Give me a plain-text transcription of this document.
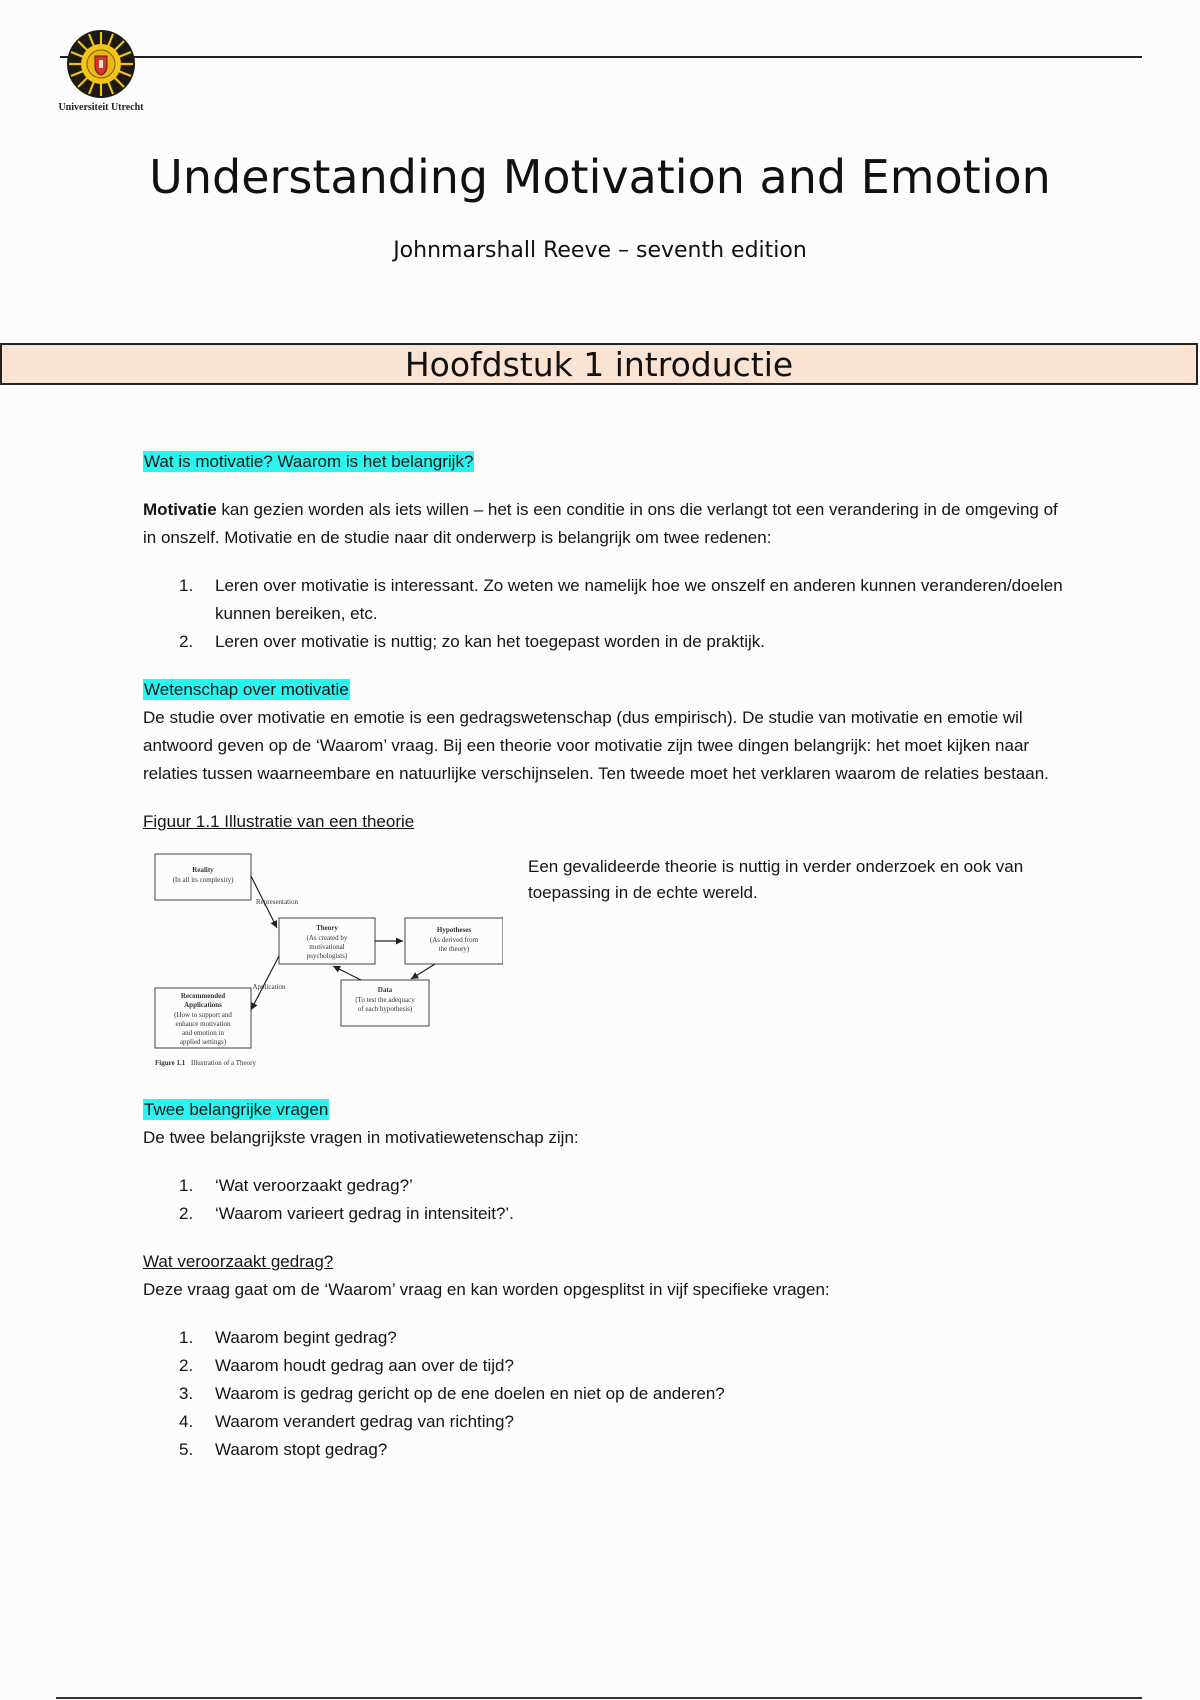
Universiteit Utrecht
Understanding Motivation and Emotion
Johnmarshall Reeve – seventh edition
Hoofdstuk 1 introductie

Wat is motivatie? Waarom is het belangrijk?

Motivatie kan gezien worden als iets willen – het is een conditie in ons die verlangt tot een verandering in de omgeving of in onszelf. Motivatie en de studie naar dit onderwerp is belangrijk om twee redenen:

1. Leren over motivatie is interessant. Zo weten we namelijk hoe we onszelf en anderen kunnen veranderen/doelen kunnen bereiken, etc.
2. Leren over motivatie is nuttig; zo kan het toegepast worden in de praktijk.

Wetenschap over motivatie

De studie over motivatie en emotie is een gedragswetenschap (dus empirisch). De studie van motivatie en emotie wil antwoord geven op de ‘Waarom’ vraag. Bij een theorie voor motivatie zijn twee dingen belangrijk: het moet kijken naar relaties tussen waarneembare en natuurlijke verschijnselen. Ten tweede moet het verklaren waarom de relaties bestaan.

Figuur 1.1 Illustratie van een theorie

Reality
(In all its complexity)
Representation
Theory
(As created by
motivational
psychologists)
Hypotheses
(As derived from
the theory)
Application	Data
(To test the adequacy
of each hypothesis)
Recommended
Applications
(How to support and
enhance motivation
and emotion in
applied settings)
Figure 1.1 Illustration of a Theory
Een gevalideerde theorie is nuttig in verder onderzoek en ook van toepassing in de echte wereld.

Twee belangrijke vragen

De twee belangrijkste vragen in motivatiewetenschap zijn:

1. ‘Wat veroorzaakt gedrag?’
2. ‘Waarom varieert gedrag in intensiteit?’.

Wat veroorzaakt gedrag?

Deze vraag gaat om de ‘Waarom’ vraag en kan worden opgesplitst in vijf specifieke vragen:

1. Waarom begint gedrag?
2. Waarom houdt gedrag aan over de tijd?
3. Waarom is gedrag gericht op de ene doelen en niet op de anderen?
4. Waarom verandert gedrag van richting?
5. Waarom stopt gedrag?
